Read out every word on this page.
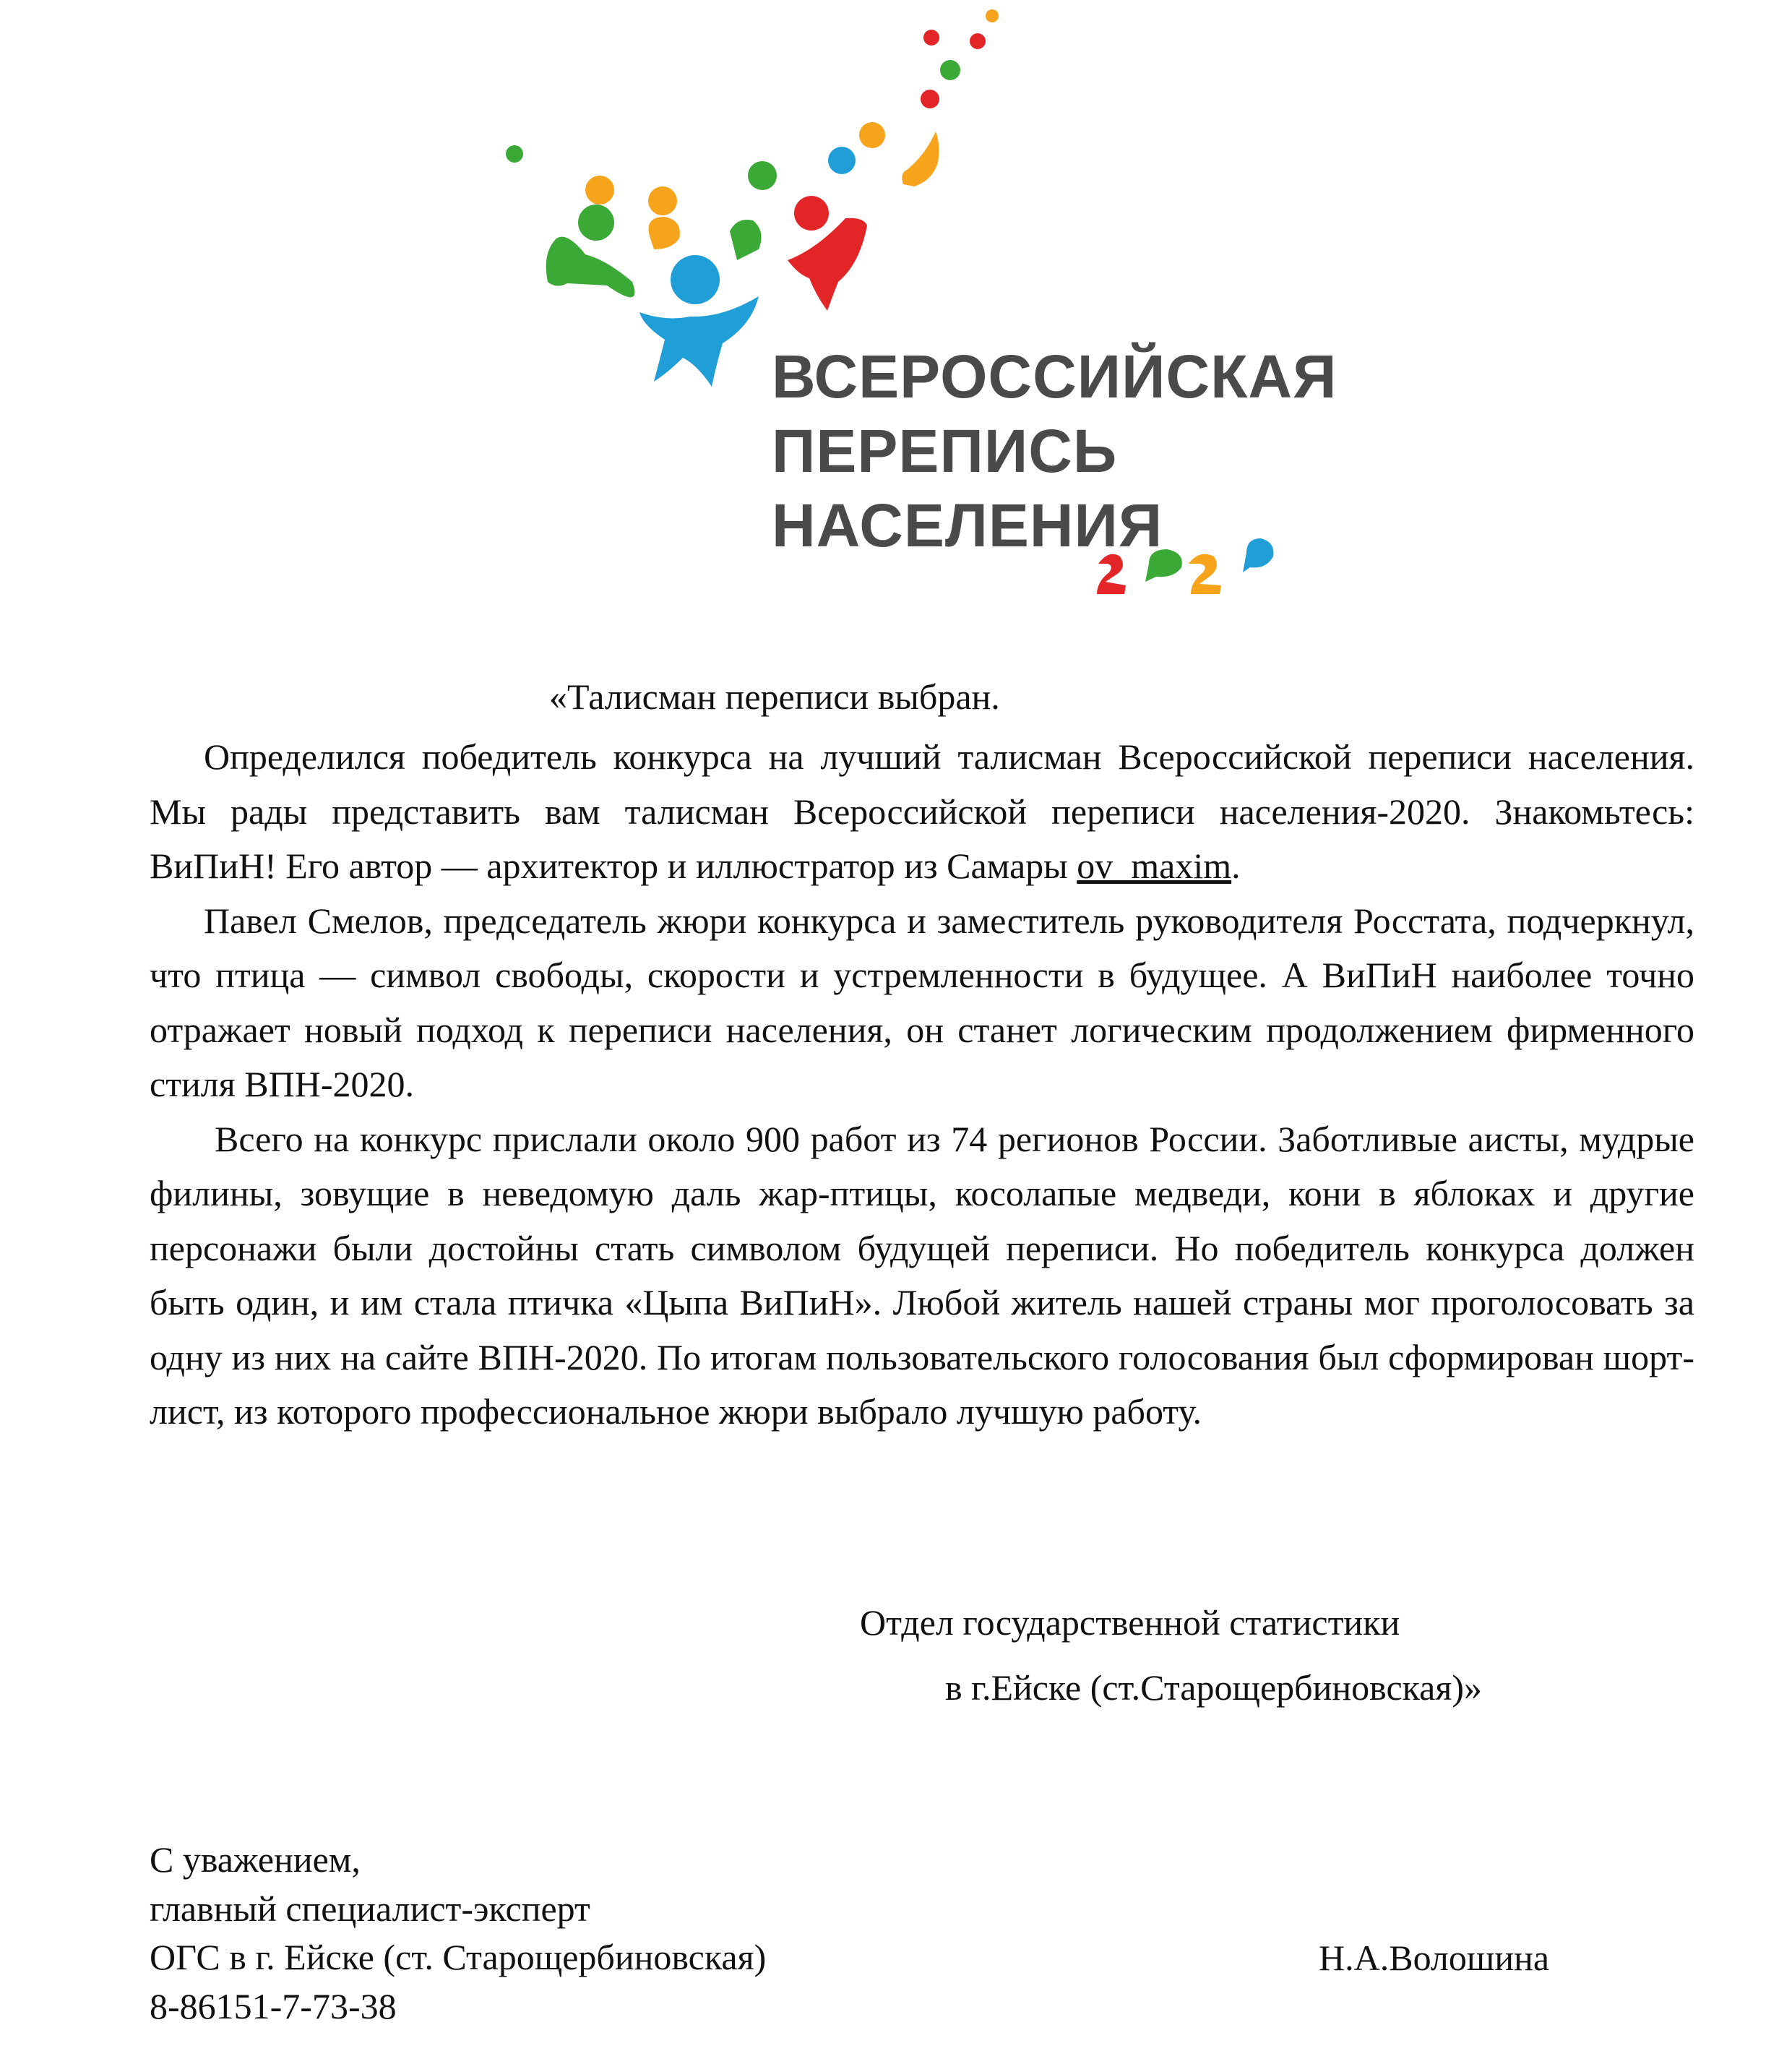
ВСЕРОССИЙСКАЯ
ПЕРЕПИСЬ
НАСЕЛЕНИЯ
«Талисман переписи выбран.

Определился победитель конкурса на лучший талисман Всероссийской переписи населения. Мы рады представить вам талисман Всероссийской переписи населения-2020. Знакомьтесь: ВиПиН! Его автор — архитектор и иллюстратор из Самары ov_maxim.

Павел Смелов, председатель жюри конкурса и заместитель руководителя Росстата, подчеркнул, что птица — символ свободы, скорости и устремленности в будущее. А ВиПиН наиболее точно отражает новый подход к переписи населения, он станет логическим продолжением фирменного стиля ВПН-2020.

Всего на конкурс прислали около 900 работ из 74 регионов России. Заботливые аисты, мудрые филины, зовущие в неведомую даль жар-птицы, косолапые медведи, кони в яблоках и другие персонажи были достойны стать символом будущей переписи. Но победитель конкурса должен быть один, и им стала птичка «Цыпа ВиПиН». Любой житель нашей страны мог проголосовать за одну из них на сайте ВПН-2020. По итогам пользовательского голосования был сформирован шорт-лист, из которого профессиональное жюри выбрало лучшую работу.

Отдел государственной статистики
в г.Ейске (ст.Старощербиновская)»
С уважением,
главный специалист-эксперт
ОГС в г. Ейске (ст. Старощербиновская)
8-86151-7-73-38
Н.А.Волошина
